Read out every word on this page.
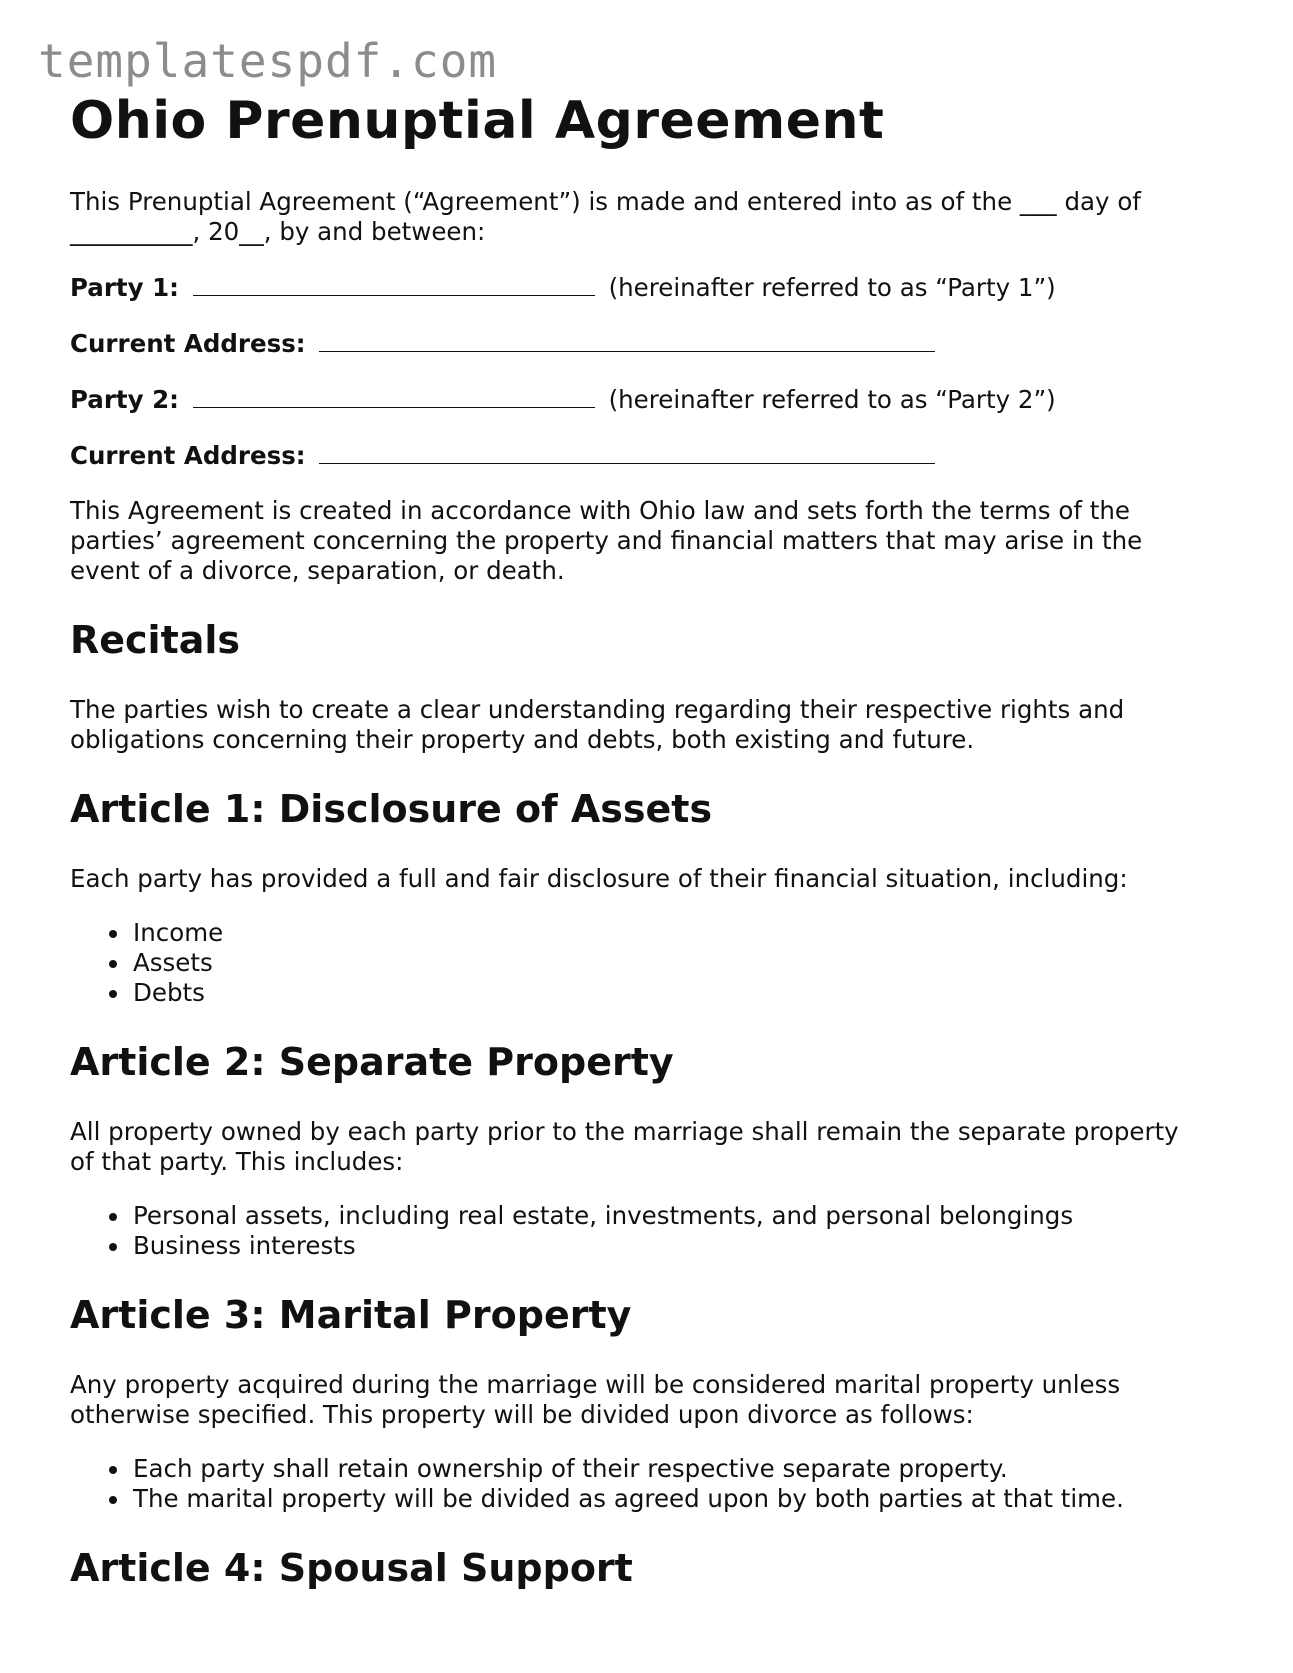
templatespdf.com
Ohio Prenuptial Agreement

This Prenuptial Agreement (“Agreement”) is made and entered into as of the ___ day of
__________, 20__, by and between:

Party 1:	(hereinafter referred to as “Party 1”)

Current Address:

Party 2:	(hereinafter referred to as “Party 2”)

Current Address:

This Agreement is created in accordance with Ohio law and sets forth the terms of the parties’ agreement concerning the property and financial matters that may arise in the event of a divorce, separation, or death.

Recitals

The parties wish to create a clear understanding regarding their respective rights and obligations concerning their property and debts, both existing and future.

Article 1: Disclosure of Assets

Each party has provided a full and fair disclosure of their financial situation, including:

Income
Assets
Debts
Article 2: Separate Property

All property owned by each party prior to the marriage shall remain the separate property of that party. This includes:

Personal assets, including real estate, investments, and personal belongings
Business interests
Article 3: Marital Property

Any property acquired during the marriage will be considered marital property unless otherwise specified. This property will be divided upon divorce as follows:

Each party shall retain ownership of their respective separate property.
The marital property will be divided as agreed upon by both parties at that time.
Article 4: Spousal Support
